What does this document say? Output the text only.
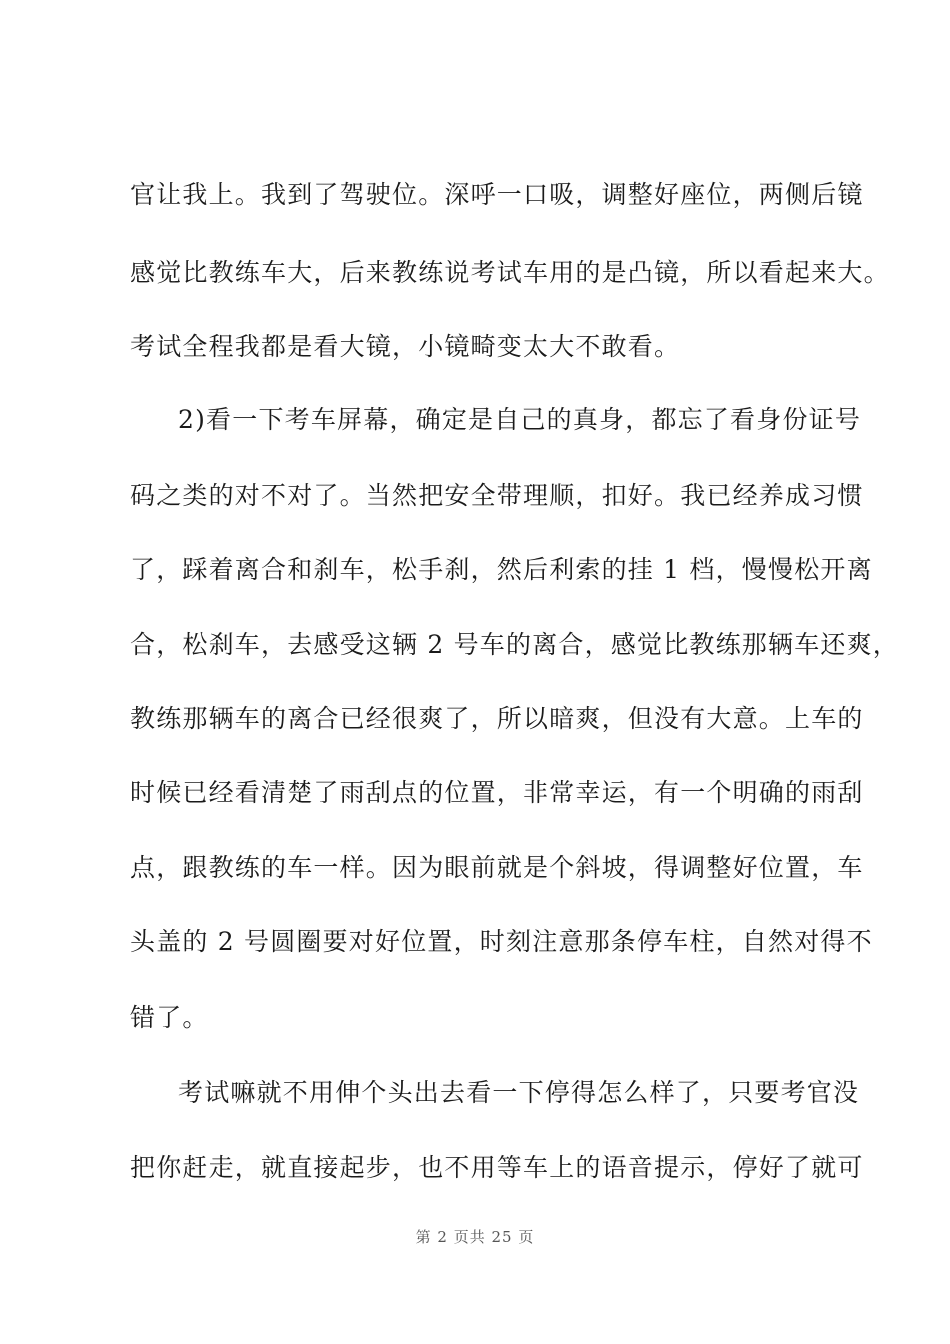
官让我上。我到了驾驶位。深呼一口吸，调整好座位，两侧后镜
感觉比教练车大，后来教练说考试车用的是凸镜，所以看起来大。
考试全程我都是看大镜，小镜畸变太大不敢看。
2)看一下考车屏幕，确定是自己的真身，都忘了看身份证号
码之类的对不对了。当然把安全带理顺，扣好。我已经养成习惯
了，踩着离合和刹车，松手刹，然后利索的挂 1 档，慢慢松开离
合，松刹车，去感受这辆 2 号车的离合，感觉比教练那辆车还爽，
教练那辆车的离合已经很爽了，所以暗爽，但没有大意。上车的
时候已经看清楚了雨刮点的位置，非常幸运，有一个明确的雨刮
点，跟教练的车一样。因为眼前就是个斜坡，得调整好位置，车
头盖的 2 号圆圈要对好位置，时刻注意那条停车柱，自然对得不
错了。
考试嘛就不用伸个头出去看一下停得怎么样了，只要考官没
把你赶走，就直接起步，也不用等车上的语音提示，停好了就可
第 2 页共 25 页
